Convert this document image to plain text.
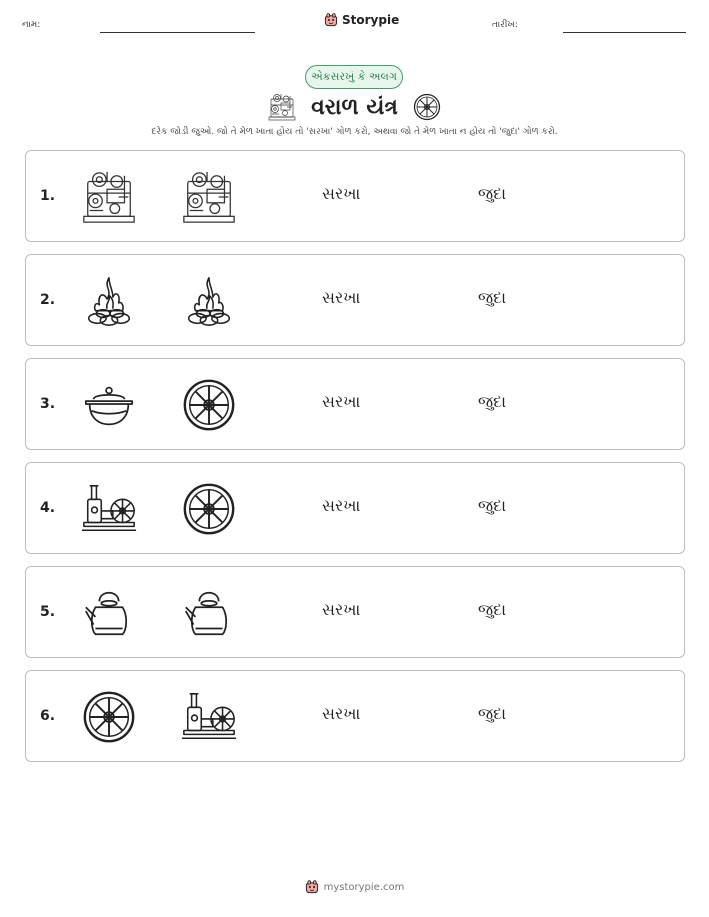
નામ:	Storypie	તારીખ:
એકસરખું કે અલગ
વરાળ યંત્ર
દરેક જોડી જુઓ. જો તે મેળ ખાતા હોય તો 'સરખા' ગોળ કરો, અથવા જો તે મેળ ખાતા ન હોય તો 'જુદા' ગોળ કરો.
1.	સરખા	જુદા
2.	સરખા	જુદા
3.	સરખા	જુદા
4.	સરખા	જુદા
5.	સરખા	જુદા
6.	સરખા	જુદા
mystorypie.com
